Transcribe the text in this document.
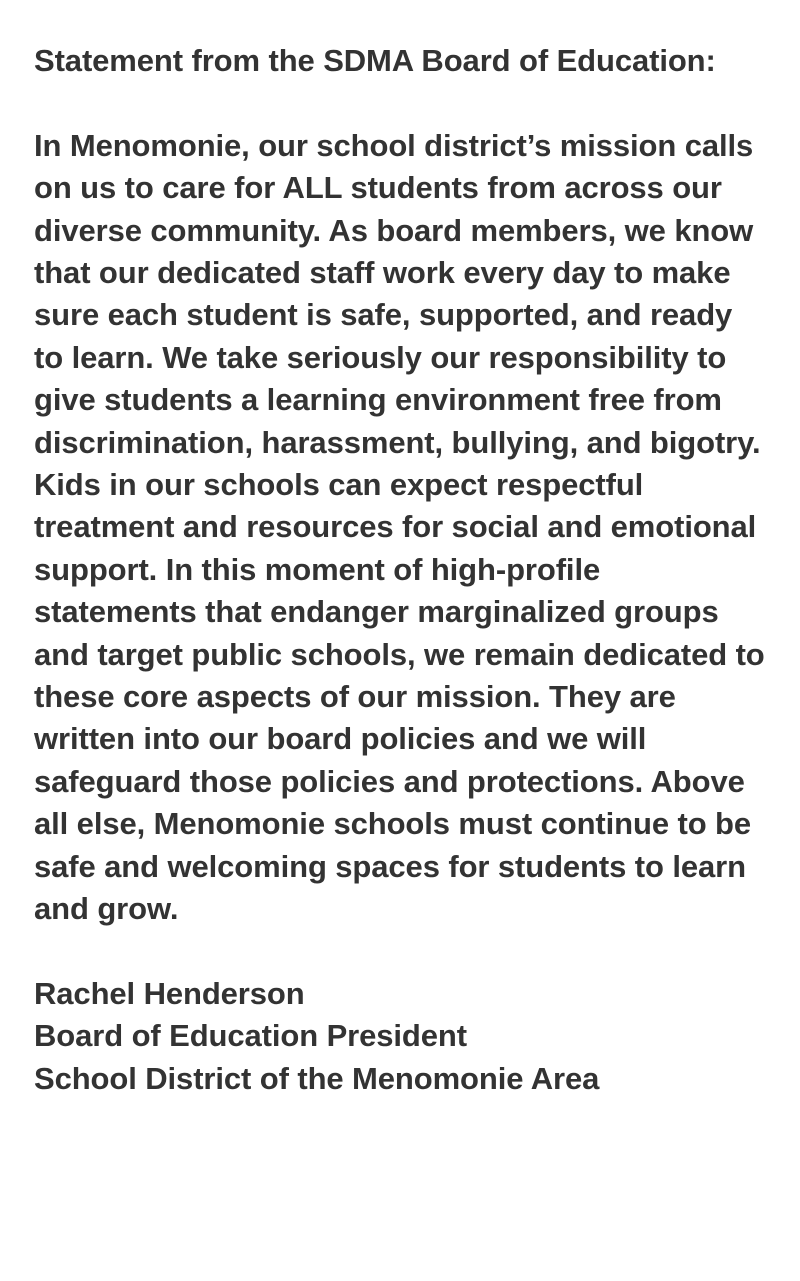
Statement from the SDMA Board of Education:

In Menomonie, our school district’s mission calls on us to care for ALL students from across our diverse community. As board members, we know that our dedicated staff work every day to make sure each student is safe, supported, and ready to learn. We take seriously our responsibility to give students a learning environment free from discrimination, harassment, bullying, and bigotry. Kids in our schools can expect respectful treatment and resources for social and emotional support. In this moment of high-profile statements that endanger marginalized groups and target public schools, we remain dedicated to these core aspects of our mission. They are written into our board policies and we will safeguard those policies and protections. Above all else, Menomonie schools must continue to be safe and welcoming spaces for students to learn and grow.

Rachel Henderson
Board of Education President
School District of the Menomonie Area
